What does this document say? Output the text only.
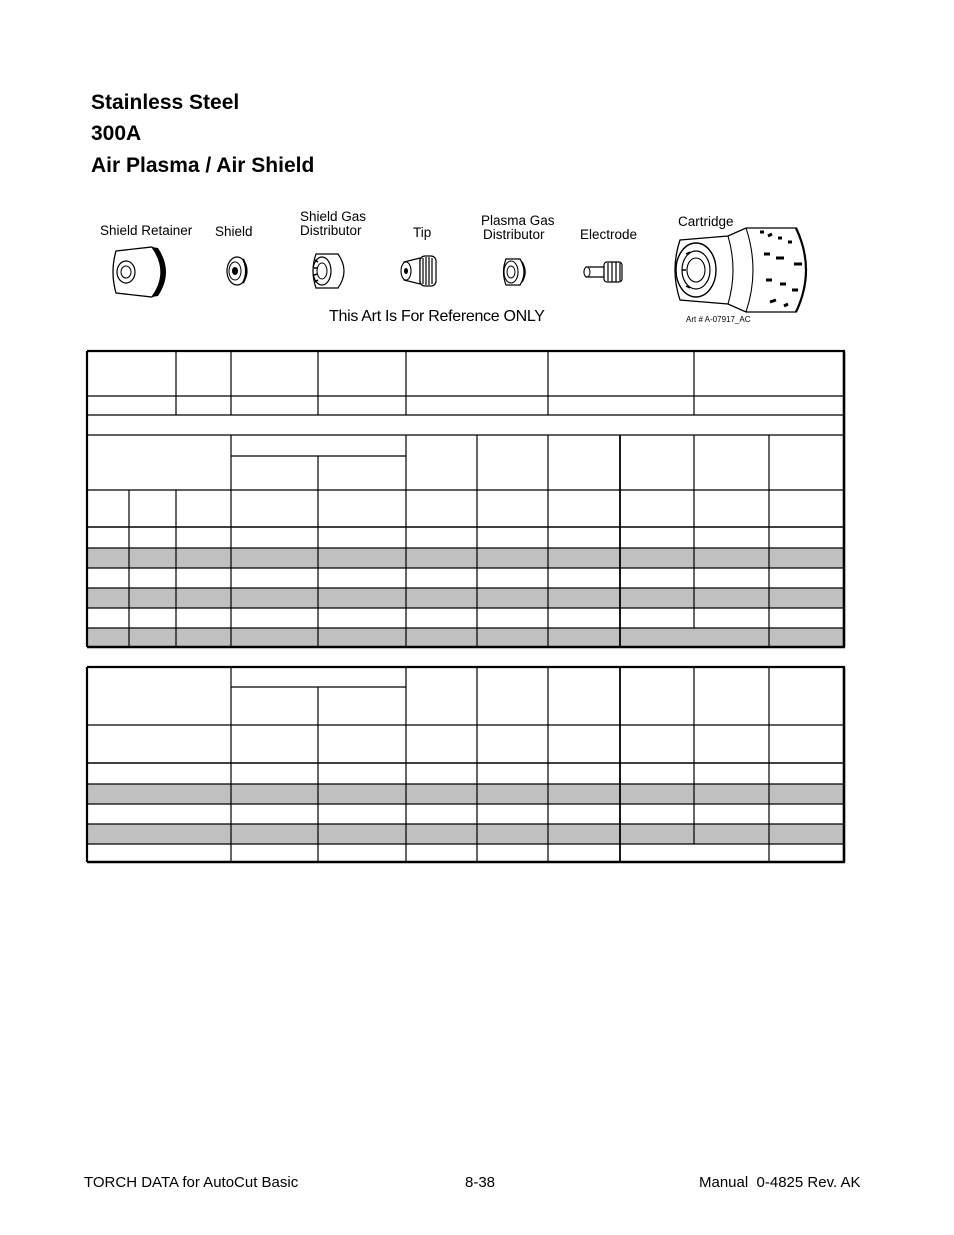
Stainless Steel
300A
Air Plasma / Air Shield
Shield Retainer Shield
Shield Gas
Distributor	Tip
Plasma Gas
Distributor	Electrode
Cartridge
This Art Is For Reference ONLY	Art # A-07917_AC
TORCH DATA for AutoCut Basic	8-38	Manual  0-4825 Rev. AK
